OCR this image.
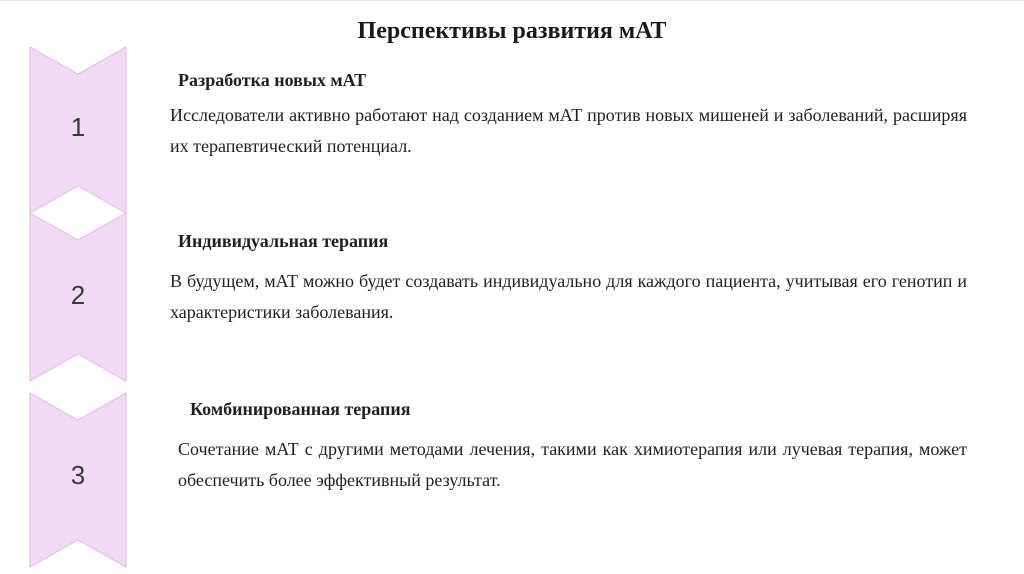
Перспективы развития мАТ
1
Разработка новых мАТ
Исследователи активно работают над созданием мАТ против новых мишеней и заболеваний, расширяя их терапевтический потенциал.
2
Индивидуальная терапия
В будущем, мАТ можно будет создавать индивидуально для каждого пациента, учитывая его генотип и характеристики заболевания.
3
Комбинированная терапия
Сочетание мАТ с другими методами лечения, такими как химиотерапия или лучевая терапия, может обеспечить более эффективный результат.
